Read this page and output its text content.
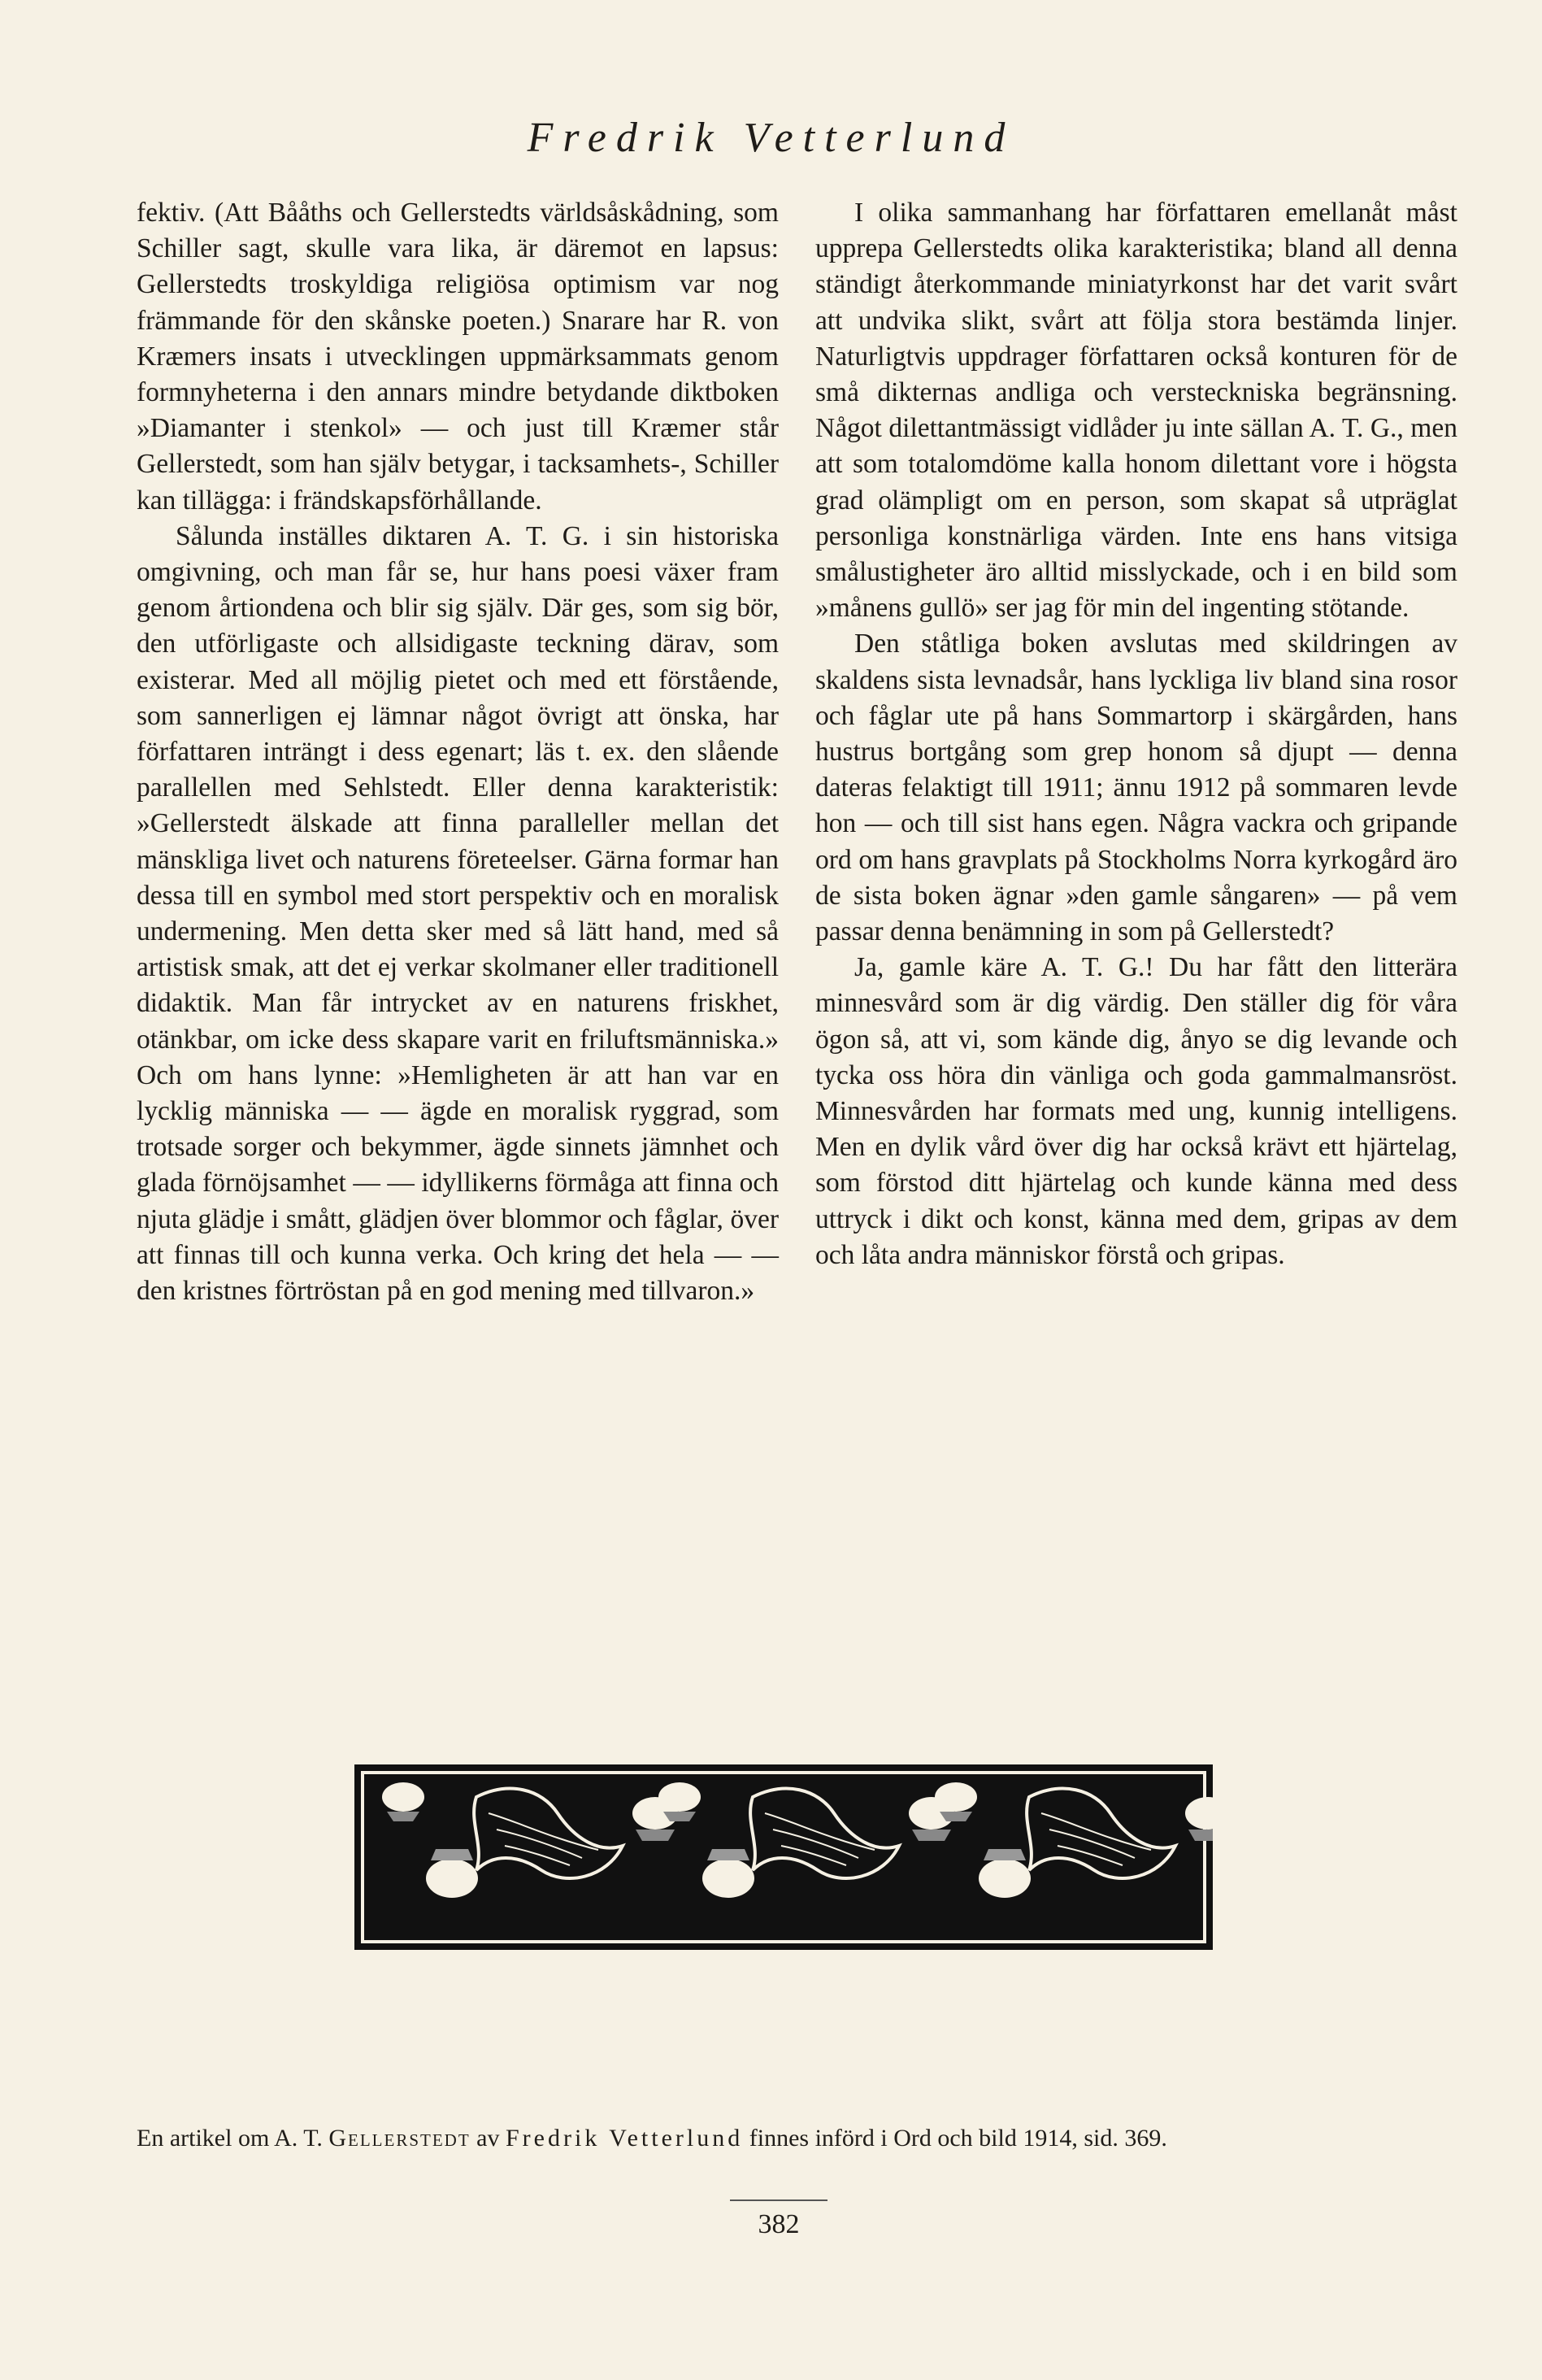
Fredrik Vetterlund

fektiv. (Att Bååths och Gellerstedts världsåskådning, som Schiller sagt, skulle vara lika, är däremot en lapsus: Gellerstedts troskyldiga religiösa optimism var nog främmande för den skånske poeten.) Snarare har R. von Kræmers insats i utvecklingen uppmärksammats genom formnyheterna i den annars mindre betydande diktboken »Diamanter i stenkol» — och just till Kræmer står Gellerstedt, som han själv betygar, i tacksamhets-, Schiller kan tillägga: i frändskapsförhållande.

Sålunda inställes diktaren A. T. G. i sin historiska omgivning, och man får se, hur hans poesi växer fram genom årtiondena och blir sig själv. Där ges, som sig bör, den utförligaste och allsidigaste teckning därav, som existerar. Med all möjlig pietet och med ett förstående, som sannerligen ej lämnar något övrigt att önska, har författaren inträngt i dess egenart; läs t. ex. den slående parallellen med Sehlstedt. Eller denna karakteristik: »Gellerstedt älskade att finna paralleller mellan det mänskliga livet och naturens företeelser. Gärna formar han dessa till en symbol med stort perspektiv och en moralisk undermening. Men detta sker med så lätt hand, med så artistisk smak, att det ej verkar skolmaner eller traditionell didaktik. Man får intrycket av en naturens friskhet, otänkbar, om icke dess skapare varit en friluftsmänniska.» Och om hans lynne: »Hemligheten är att han var en lycklig människa — — ägde en moralisk ryggrad, som trotsade sorger och bekymmer, ägde sinnets jämnhet och glada förnöjsamhet — — idyllikerns förmåga att finna och njuta glädje i smått, glädjen över blommor och fåglar, över att finnas till och kunna verka. Och kring det hela — — den kristnes förtröstan på en god mening med tillvaron.»

I olika sammanhang har författaren emellanåt måst upprepa Gellerstedts olika karakteristika; bland all denna ständigt återkommande miniatyrkonst har det varit svårt att undvika slikt, svårt att följa stora bestämda linjer. Naturligtvis uppdrager författaren också konturen för de små dikternas andliga och versteckniska begränsning. Något dilettantmässigt vidlåder ju inte sällan A. T. G., men att som totalomdöme kalla honom dilettant vore i högsta grad olämpligt om en person, som skapat så utpräglat personliga konstnärliga värden. Inte ens hans vitsiga smålustigheter äro alltid misslyckade, och i en bild som »månens gullö» ser jag för min del ingenting stötande.

Den ståtliga boken avslutas med skildringen av skaldens sista levnadsår, hans lyckliga liv bland sina rosor och fåglar ute på hans Sommartorp i skärgården, hans hustrus bortgång som grep honom så djupt — denna dateras felaktigt till 1911; ännu 1912 på sommaren levde hon — och till sist hans egen. Några vackra och gripande ord om hans gravplats på Stockholms Norra kyrkogård äro de sista boken ägnar »den gamle sångaren» — på vem passar denna benämning in som på Gellerstedt?

Ja, gamle käre A. T. G.! Du har fått den litterära minnesvård som är dig värdig. Den ställer dig för våra ögon så, att vi, som kände dig, ånyo se dig levande och tycka oss höra din vänliga och goda gammalmansröst. Minnesvården har formats med ung, kunnig intelligens. Men en dylik vård över dig har också krävt ett hjärtelag, som förstod ditt hjärtelag och kunde känna med dess uttryck i dikt och konst, känna med dem, gripas av dem och låta andra människor förstå och gripas.

En artikel om A. T. Gellerstedt av Fredrik Vetterlund finnes införd i Ord och bild 1914, sid. 369.
382
